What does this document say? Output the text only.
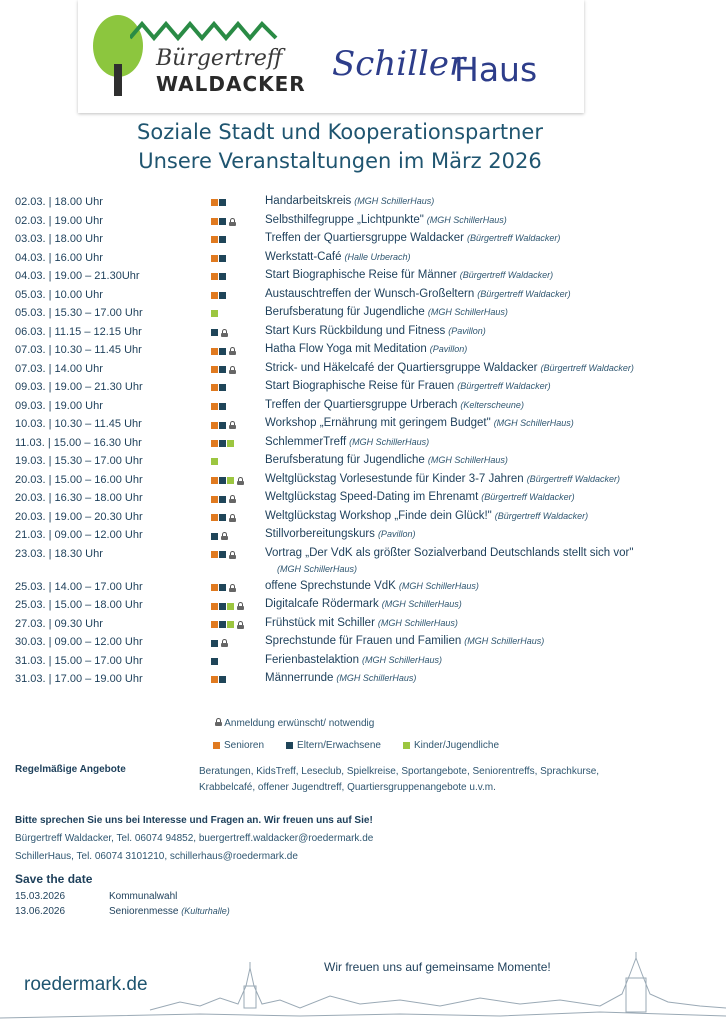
Bürgertreff
WALDACKER Schiller
Haus
Soziale Stadt und Kooperationspartner
Unsere Veranstaltungen im März 2026
02.03. | 18.00 Uhr	Handarbeitskreis (MGH SchillerHaus)
02.03. | 19.00 Uhr	Selbsthilfegruppe „Lichtpunkte" (MGH SchillerHaus)
03.03. | 18.00 Uhr	Treffen der Quartiersgruppe Waldacker (Bürgertreff Waldacker)
04.03. | 16.00 Uhr	Werkstatt-Café (Halle Urberach)
04.03. | 19.00 – 21.30Uhr	Start Biographische Reise für Männer (Bürgertreff Waldacker)
05.03. | 10.00 Uhr	Austauschtreffen der Wunsch-Großeltern (Bürgertreff Waldacker)
05.03. | 15.30 – 17.00 Uhr	Berufsberatung für Jugendliche (MGH SchillerHaus)
06.03. | 11.15 – 12.15 Uhr	Start Kurs Rückbildung und Fitness (Pavillon)
07.03. | 10.30 – 11.45 Uhr	Hatha Flow Yoga mit Meditation (Pavillon)
07.03. | 14.00 Uhr	Strick- und Häkelcafé der Quartiersgruppe Waldacker (Bürgertreff Waldacker)
09.03. | 19.00 – 21.30 Uhr	Start Biographische Reise für Frauen (Bürgertreff Waldacker)
09.03. | 19.00 Uhr	Treffen der Quartiersgruppe Urberach (Kelterscheune)
10.03. | 10.30 – 11.45 Uhr	Workshop „Ernährung mit geringem Budget" (MGH SchillerHaus)
11.03. | 15.00 – 16.30 Uhr	SchlemmerTreff (MGH SchillerHaus)
19.03. | 15.30 – 17.00 Uhr	Berufsberatung für Jugendliche (MGH SchillerHaus)
20.03. | 15.00 – 16.00 Uhr	Weltglückstag Vorlesestunde für Kinder 3-7 Jahren (Bürgertreff Waldacker)
20.03. | 16.30 – 18.00 Uhr	Weltglückstag Speed-Dating im Ehrenamt (Bürgertreff Waldacker)
20.03. | 19.00 – 20.30 Uhr	Weltglückstag Workshop „Finde dein Glück!" (Bürgertreff Waldacker)
21.03. | 09.00 – 12.00 Uhr	Stillvorbereitungskurs (Pavillon)
23.03. | 18.30 Uhr	Vortrag „Der VdK als größter Sozialverband Deutschlands stellt sich vor"
(MGH SchillerHaus)
25.03. | 14.00 – 17.00 Uhr	offene Sprechstunde VdK (MGH SchillerHaus)
25.03. | 15.00 – 18.00 Uhr	Digitalcafe Rödermark (MGH SchillerHaus)
27.03. | 09.30 Uhr	Frühstück mit Schiller (MGH SchillerHaus)
30.03. | 09.00 – 12.00 Uhr	Sprechstunde für Frauen und Familien (MGH SchillerHaus)
31.03. | 15.00 – 17.00 Uhr	Ferienbastelaktion (MGH SchillerHaus)
31.03. | 17.00 – 19.00 Uhr	Männerrunde (MGH SchillerHaus)
Anmeldung erwünscht/ notwendig
Senioren	Eltern/Erwachsene	Kinder/Jugendliche
Regelmäßige Angebote	Beratungen, KidsTreff, Leseclub, Spielkreise, Sportangebote, Seniorentreffs, Sprachkurse, Krabbelcafé, offener Jugendtreff, Quartiersgruppenangebote u.v.m.
Bitte sprechen Sie uns bei Interesse und Fragen an. Wir freuen uns auf Sie!
Bürgertreff Waldacker, Tel. 06074 94852, buergertreff.waldacker@roedermark.de
SchillerHaus, Tel. 06074 3101210, schillerhaus@roedermark.de
Save the date
15.03.2026	Kommunalwahl
13.06.2026	Seniorenmesse (Kulturhalle)
roedermark.de
Wir freuen uns auf gemeinsame Momente!
